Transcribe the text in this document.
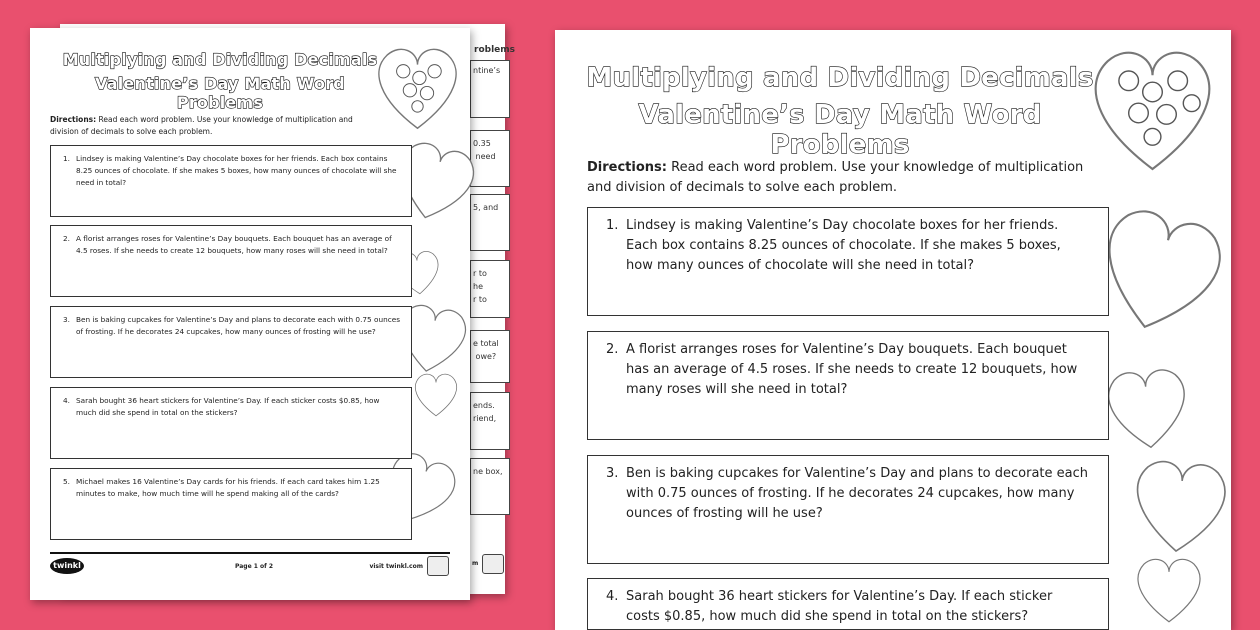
roblems
ntine’s
0.35
need
5, and
r to
he
r to
e total
owe?
ends.
riend,
ne box,
m
Multiplying and Dividing Decimals
Valentine’s Day Math Word Problems
Directions: Read each word problem. Use your knowledge of multiplication and division of decimals to solve each problem.
1. Lindsey is making Valentine’s Day chocolate boxes for her friends. Each box contains 8.25 ounces of chocolate. If she makes 5 boxes, how many ounces of chocolate will she need in total?
2. A florist arranges roses for Valentine’s Day bouquets. Each bouquet has an average of 4.5 roses. If she needs to create 12 bouquets, how many roses will she need in total?
3. Ben is baking cupcakes for Valentine’s Day and plans to decorate each with 0.75 ounces of frosting. If he decorates 24 cupcakes, how many ounces of frosting will he use?
4. Sarah bought 36 heart stickers for Valentine’s Day. If each sticker costs $0.85, how much did she spend in total on the stickers?
5. Michael makes 16 Valentine’s Day cards for his friends. If each card takes him 1.25 minutes to make, how much time will he spend making all of the cards?
twinkl	Page 1 of 2	visit twinkl.com
Multiplying and Dividing Decimals
Valentine’s Day Math Word Problems
Directions: Read each word problem. Use your knowledge of multiplication and division of decimals to solve each problem.
1. Lindsey is making Valentine’s Day chocolate boxes for her friends. Each box contains 8.25 ounces of chocolate. If she makes 5 boxes, how many ounces of chocolate will she need in total?
2. A florist arranges roses for Valentine’s Day bouquets. Each bouquet has an average of 4.5 roses. If she needs to create 12 bouquets, how many roses will she need in total?
3. Ben is baking cupcakes for Valentine’s Day and plans to decorate each with 0.75 ounces of frosting. If he decorates 24 cupcakes, how many ounces of frosting will he use?
4. Sarah bought 36 heart stickers for Valentine’s Day. If each sticker costs $0.85, how much did she spend in total on the stickers?
